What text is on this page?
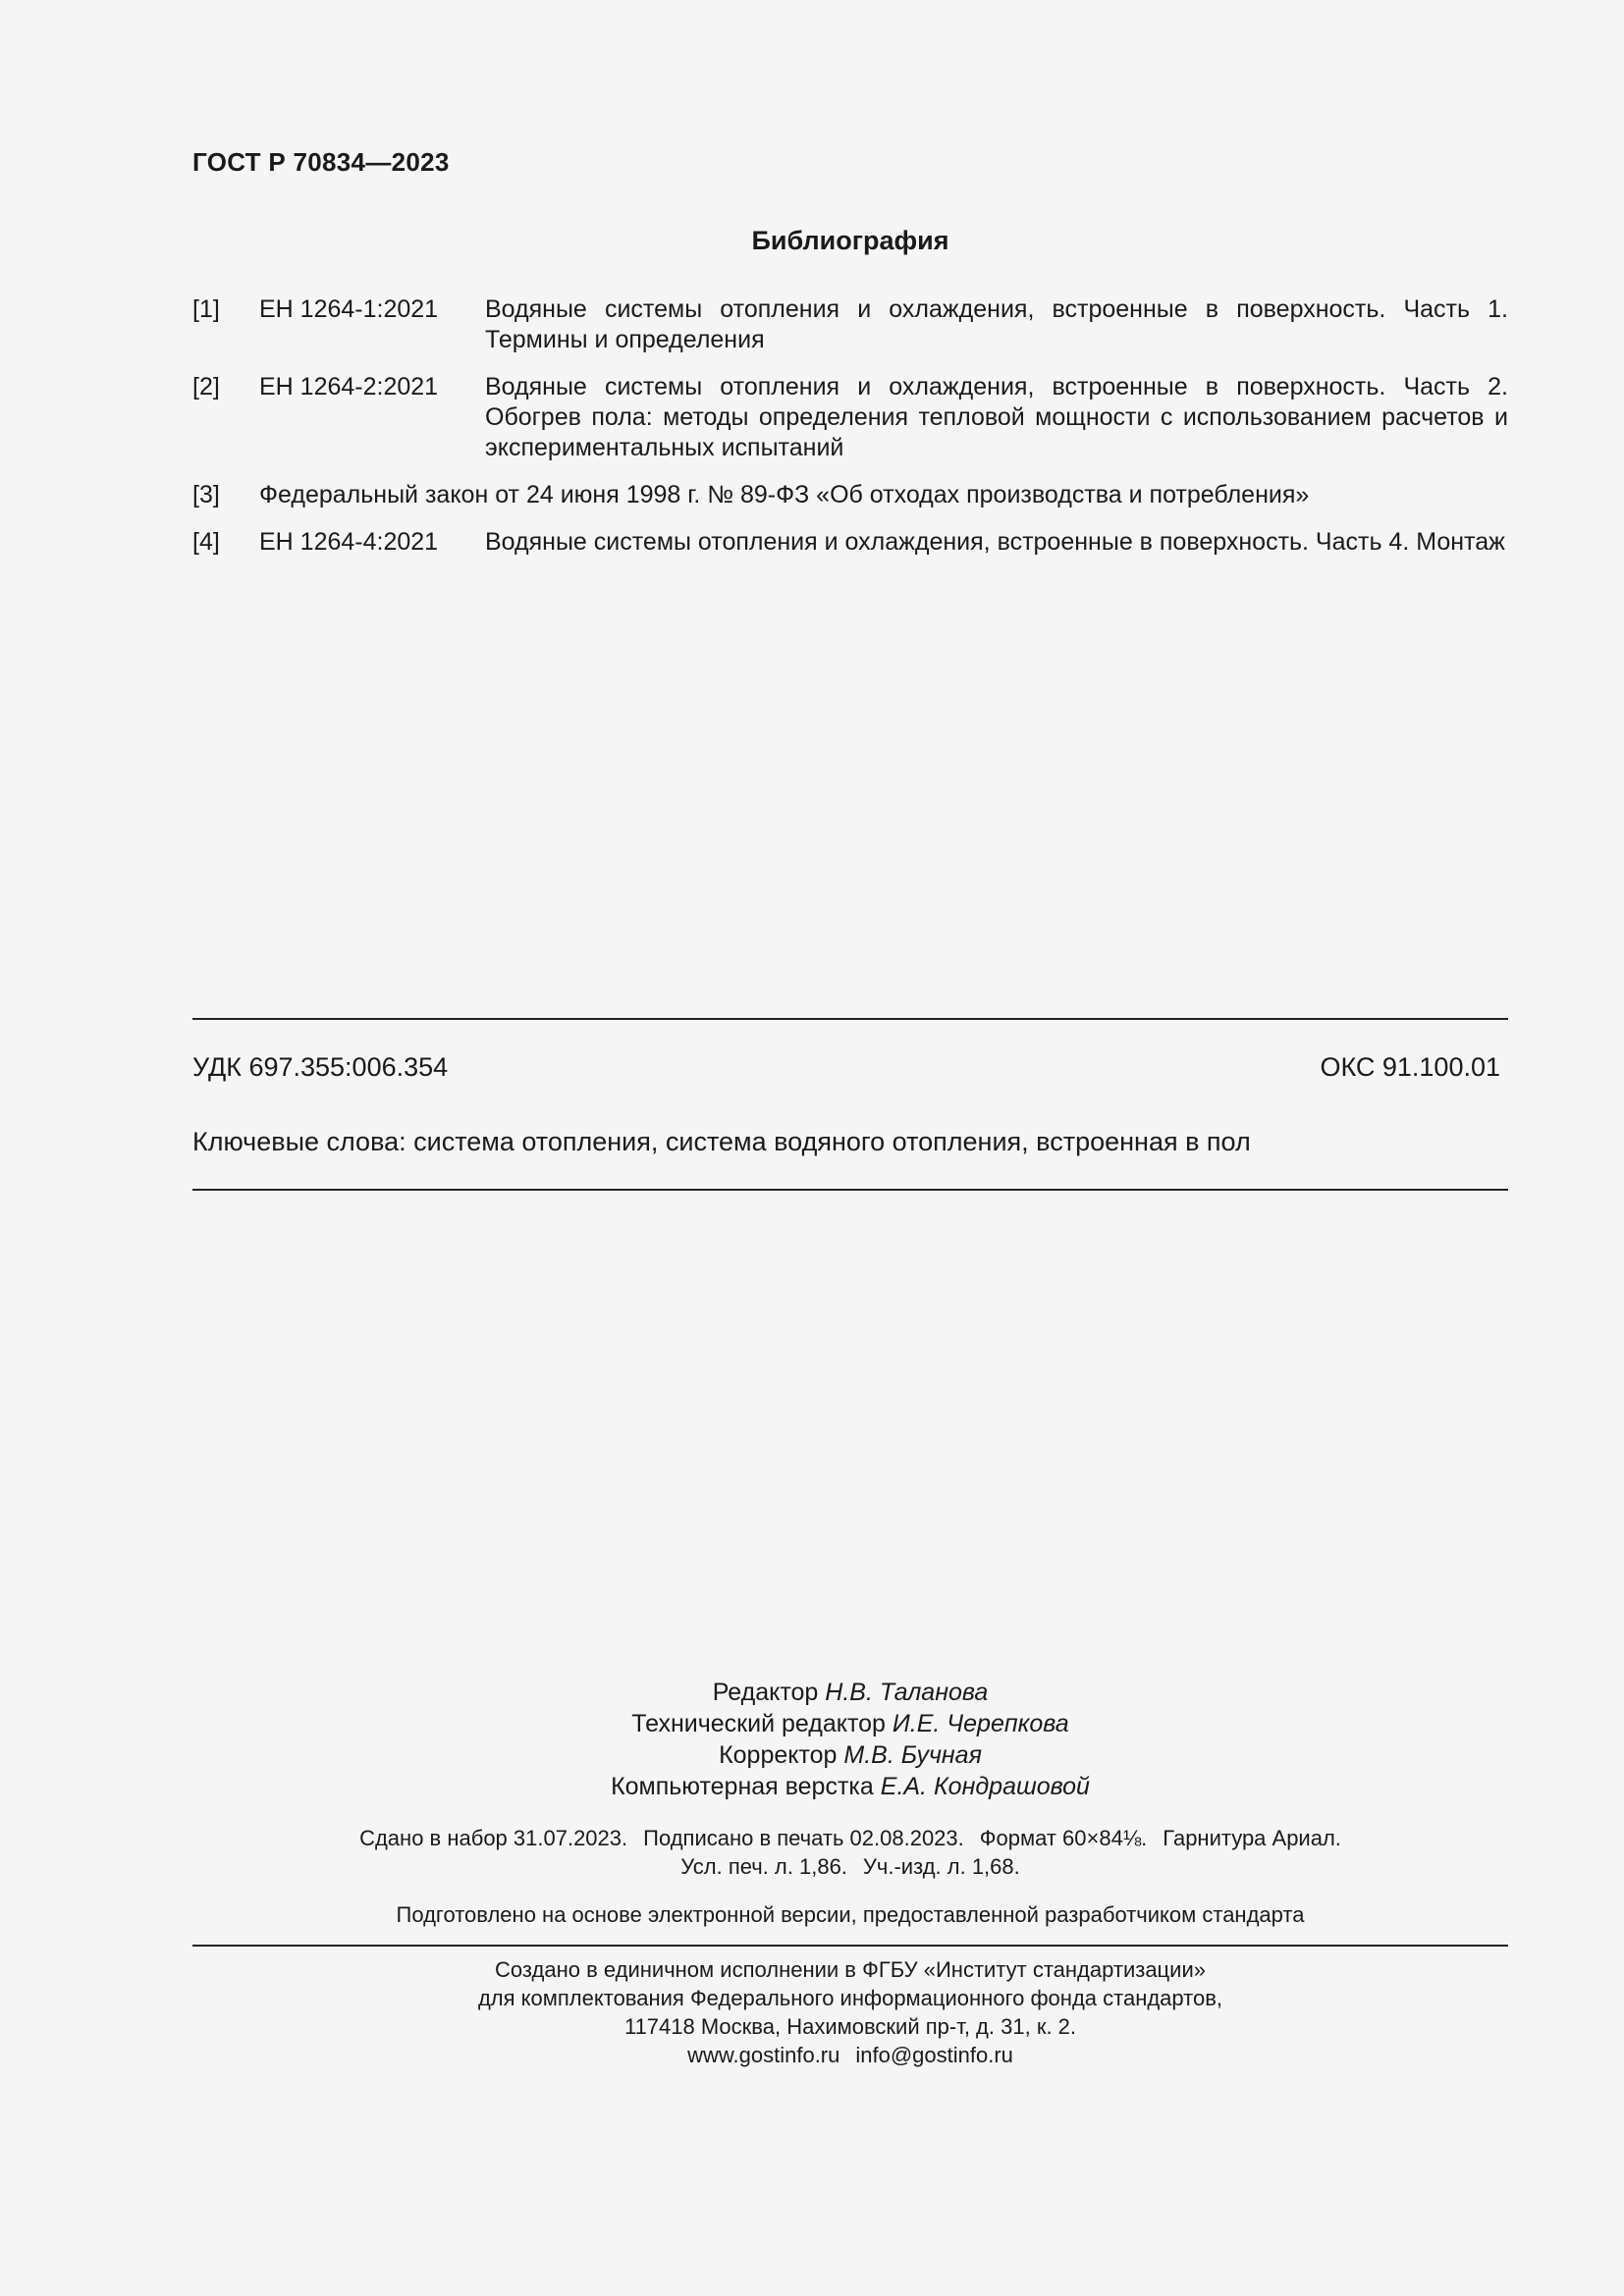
ГОСТ Р 70834—2023
Библиография
[1]	ЕН 1264-1:2021	Водяные системы отопления и охлаждения, встроенные в поверхность. Часть 1. Термины и определения
[2]	ЕН 1264-2:2021	Водяные системы отопления и охлаждения, встроенные в поверхность. Часть 2. Обогрев пола: методы определения тепловой мощности с использованием расчетов и экспериментальных испытаний
[3]	Федеральный закон от 24 июня 1998 г. № 89-ФЗ «Об отходах производства и потребления»
[4]	ЕН 1264-4:2021	Водяные системы отопления и охлаждения, встроенные в поверхность. Часть 4. Монтаж
УДК 697.355:006.354	ОКС 91.100.01
Ключевые слова: система отопления, система водяного отопления, встроенная в пол
Редактор Н.В. Таланова
Технический редактор И.Е. Черепкова
Корректор М.В. Бучная
Компьютерная верстка Е.А. Кондрашовой
Сдано в набор 31.07.2023. Подписано в печать 02.08.2023. Формат 60×84⅛. Гарнитура Ариал.
Усл. печ. л. 1,86. Уч.-изд. л. 1,68.
Подготовлено на основе электронной версии, предоставленной разработчиком стандарта
Создано в единичном исполнении в ФГБУ «Институт стандартизации»
для комплектования Федерального информационного фонда стандартов,
117418 Москва, Нахимовский пр-т, д. 31, к. 2.
www.gostinfo.ru info@gostinfo.ru
